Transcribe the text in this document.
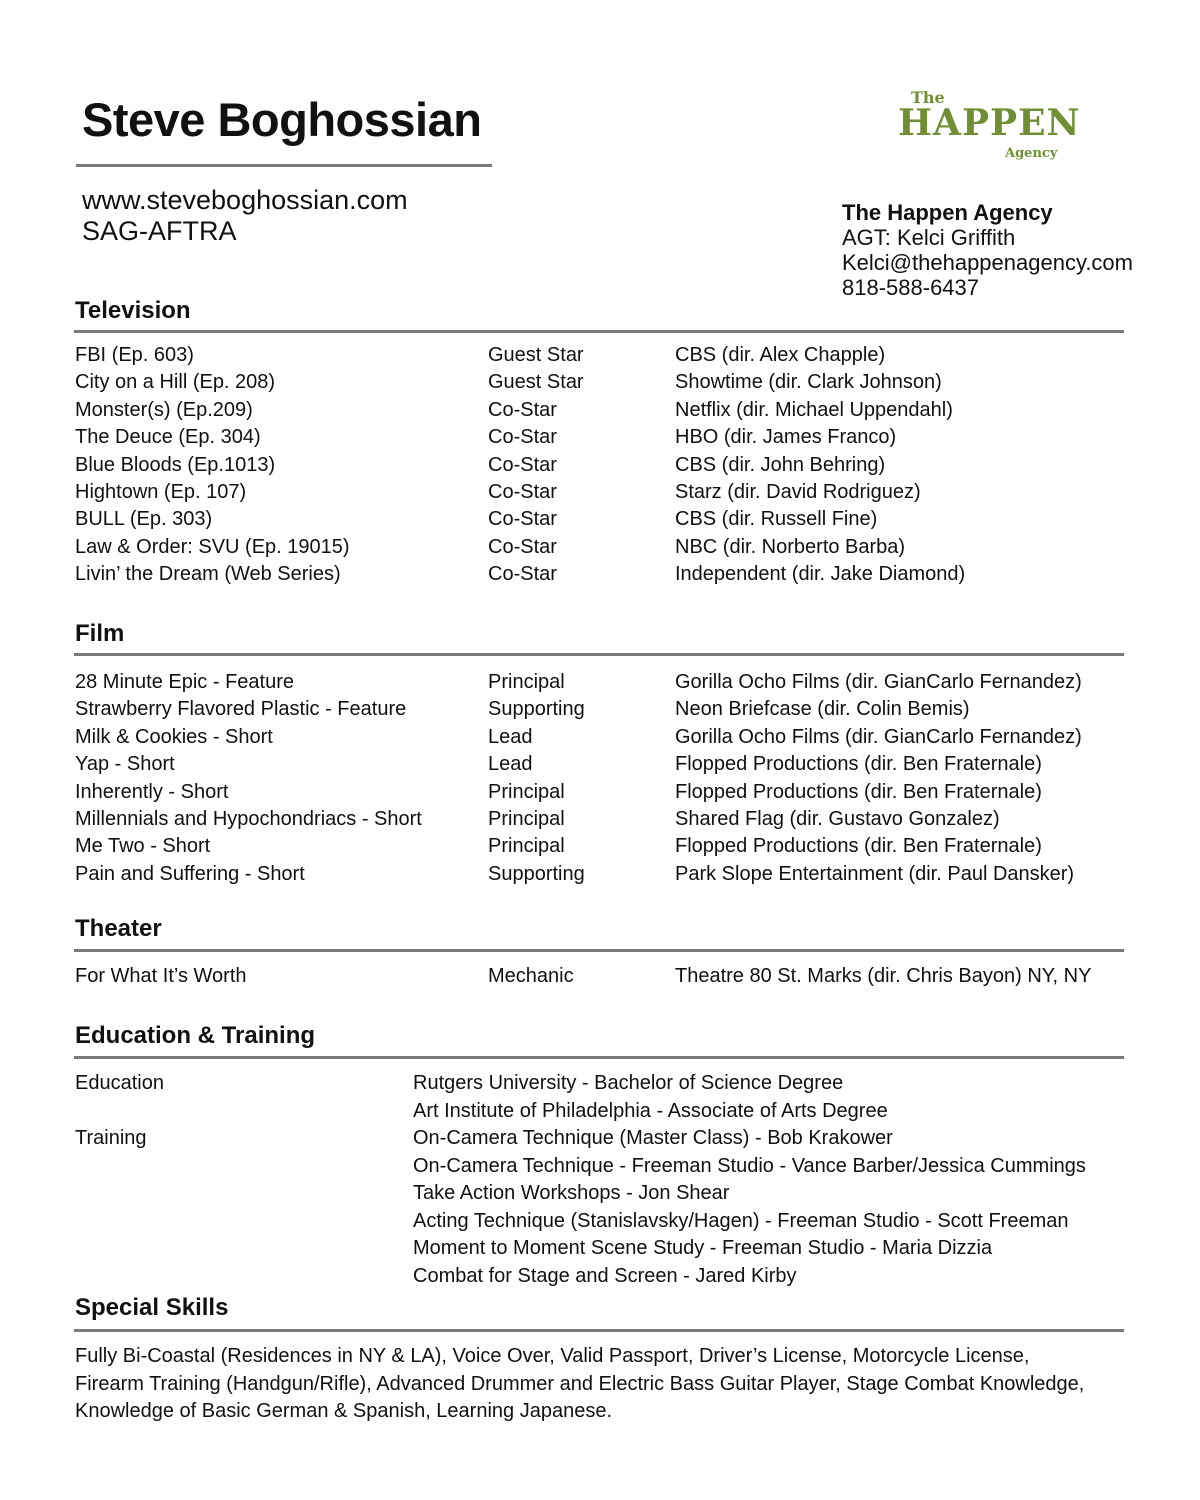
Steve Boghossian
www.steveboghossian.com
SAG-AFTRA
The
HAPPEN
Agency
The Happen Agency
AGT: Kelci Griffith
Kelci@thehappenagency.com
818-588-6437
Television
FBI (Ep. 603)	Guest Star	CBS (dir. Alex Chapple)
City on a Hill (Ep. 208)	Guest Star	Showtime (dir. Clark Johnson)
Monster(s) (Ep.209)	Co-Star	Netflix (dir. Michael Uppendahl)
The Deuce (Ep. 304)	Co-Star	HBO (dir. James Franco)
Blue Bloods (Ep.1013)	Co-Star	CBS (dir. John Behring)
Hightown (Ep. 107)	Co-Star	Starz (dir. David Rodriguez)
BULL (Ep. 303)	Co-Star	CBS (dir. Russell Fine)
Law & Order: SVU (Ep. 19015)	Co-Star	NBC (dir. Norberto Barba)
Livin’ the Dream (Web Series)	Co-Star	Independent (dir. Jake Diamond)
Film
28 Minute Epic - Feature	Principal	Gorilla Ocho Films (dir. GianCarlo Fernandez)
Strawberry Flavored Plastic - Feature	Supporting	Neon Briefcase (dir. Colin Bemis)
Milk & Cookies - Short	Lead	Gorilla Ocho Films (dir. GianCarlo Fernandez)
Yap - Short	Lead	Flopped Productions (dir. Ben Fraternale)
Inherently - Short	Principal	Flopped Productions (dir. Ben Fraternale)
Millennials and Hypochondriacs - Short	Principal	Shared Flag (dir. Gustavo Gonzalez)
Me Two - Short	Principal	Flopped Productions (dir. Ben Fraternale)
Pain and Suffering - Short	Supporting	Park Slope Entertainment (dir. Paul Dansker)
Theater
For What It’s Worth	Mechanic	Theatre 80 St. Marks (dir. Chris Bayon) NY, NY
Education & Training
Education	Rutgers University - Bachelor of Science Degree
Art Institute of Philadelphia - Associate of Arts Degree
Training	On-Camera Technique (Master Class) - Bob Krakower
On-Camera Technique - Freeman Studio - Vance Barber/Jessica Cummings
Take Action Workshops - Jon Shear
Acting Technique (Stanislavsky/Hagen) - Freeman Studio - Scott Freeman
Moment to Moment Scene Study - Freeman Studio - Maria Dizzia
Combat for Stage and Screen - Jared Kirby
Special Skills

Fully Bi-Coastal (Residences in NY & LA), Voice Over, Valid Passport, Driver’s License, Motorcycle License, Firearm Training (Handgun/Rifle), Advanced Drummer and Electric Bass Guitar Player, Stage Combat Knowledge, Knowledge of Basic German & Spanish, Learning Japanese.
